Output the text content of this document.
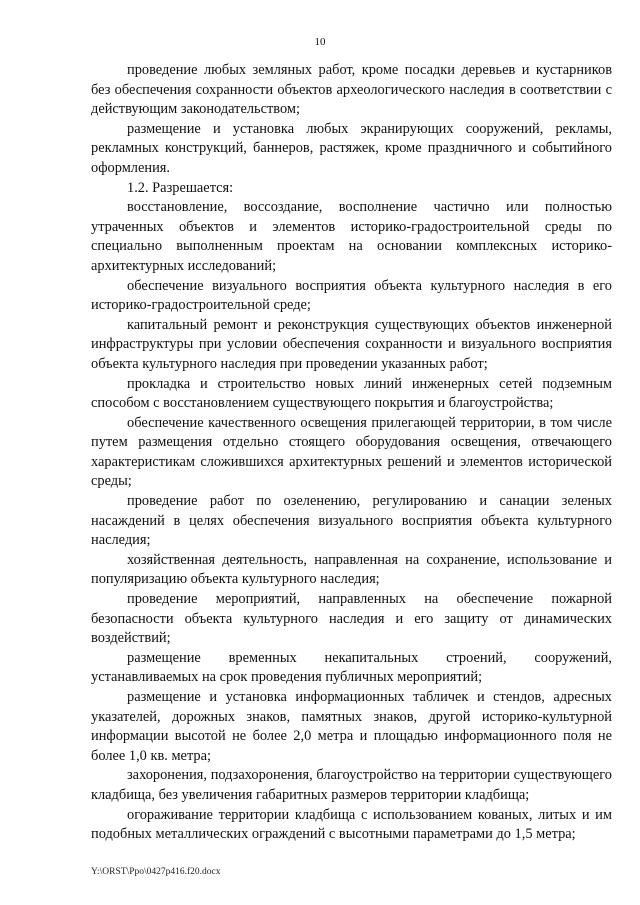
10

проведение любых земляных работ, кроме посадки деревьев и кустарников без обеспечения сохранности объектов археологического наследия в соответствии с действующим законодательством;

размещение и установка любых экранирующих сооружений, рекламы, рекламных конструкций, баннеров, растяжек, кроме праздничного и событийного оформления.

1.2. Разрешается:

восстановление, воссоздание, восполнение частично или полностью утраченных объектов и элементов историко-градостроительной среды по специально выполненным проектам на основании комплексных историко-архитектурных исследований;

обеспечение визуального восприятия объекта культурного наследия в его историко-градостроительной среде;

капитальный ремонт и реконструкция существующих объектов инженерной инфраструктуры при условии обеспечения сохранности и визуального восприятия объекта культурного наследия при проведении указанных работ;

прокладка и строительство новых линий инженерных сетей подземным способом с восстановлением существующего покрытия и благоустройства;

обеспечение качественного освещения прилегающей территории, в том числе путем размещения отдельно стоящего оборудования освещения, отвечающего характеристикам сложившихся архитектурных решений и элементов исторической среды;

проведение работ по озеленению, регулированию и санации зеленых насаждений в целях обеспечения визуального восприятия объекта культурного наследия;

хозяйственная деятельность, направленная на сохранение, использование и популяризацию объекта культурного наследия;

проведение мероприятий, направленных на обеспечение пожарной безопасности объекта культурного наследия и его защиту от динамических воздействий;

размещение временных некапитальных строений, сооружений, устанавливаемых на срок проведения публичных мероприятий;

размещение и установка информационных табличек и стендов, адресных указателей, дорожных знаков, памятных знаков, другой историко-культурной информации высотой не более 2,0 метра и площадью информационного поля не более 1,0 кв. метра;

захоронения, подзахоронения, благоустройство на территории существующего кладбища, без увеличения габаритных размеров территории кладбища;

огораживание территории кладбища с использованием кованых, литых и им подобных металлических ограждений с высотными параметрами до 1,5 метра;

Y:\ORST\Ppo\0427p416.f20.docx
